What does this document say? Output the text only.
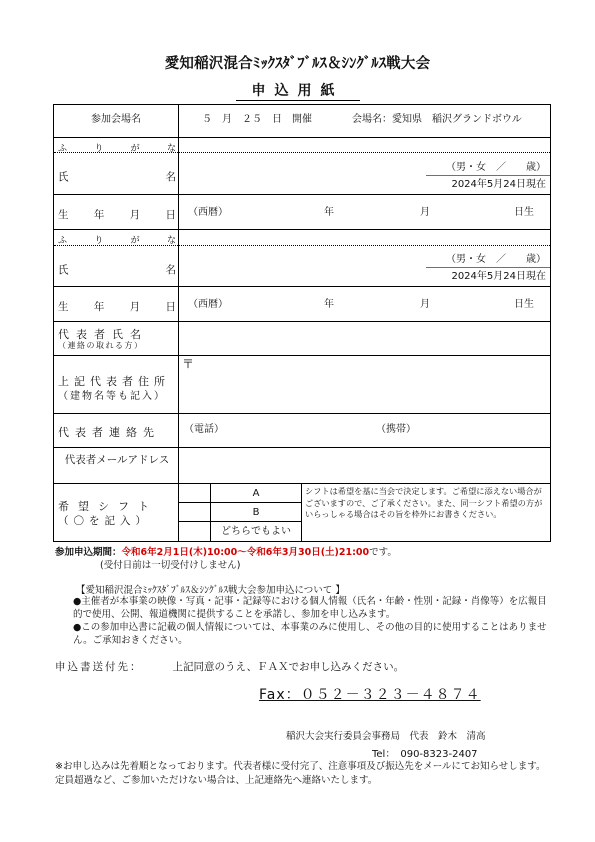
愛知稲沢混合ﾐｯｸｽﾀﾞﾌﾞﾙｽ＆ｼﾝｸﾞﾙｽ戦大会
申込用紙
参加会場名	５　月　２５　日 開催	会場名：愛知県　稲沢グランドボウル
ふ	り	が	な
氏	名
（男・女　／　　歳）
2024年5月24日現在
生 年 月 日 （西暦）	年	月	日生
ふ	り	が	な
氏	名
（男・女　／　　歳）
2024年5月24日現在
生 年 月 日 （西暦）	年	月	日生
代表者氏名
（連絡の取れる方）
上記代表者住所
（建物名等も記入）
〒
代表者連絡先	（電話）	（携帯）
代表者メールアドレス
希望シフト
（〇を記入）
A
B
どちらでもよい
シフトは希望を基に当会で決定します。ご希望に添えない場合がございますので、ご了承ください。また、同一シフト希望の方がいらっしゃる場合はその旨を枠外にお書きください。
参加申込期間：令和6年2月1日(木)10:00～令和6年3月30日(土)21:00です。
(受付日前は一切受付けしません)
【愛知稲沢混合ﾐｯｸｽﾀﾞﾌﾞﾙｽ＆ｼﾝｸﾞﾙｽ戦大会参加申込について 】
●主催者が本事業の映像・写真・記事・記録等における個人情報（氏名・年齢・性別・記録・肖像等）を広報目的で使用、公開、報道機関に提供することを承諾し、参加を申し込みます。
●この参加申込書に記載の個人情報については、本事業のみに使用し、その他の目的に使用することはありません。ご承知おきください。
申込書送付先：	上記同意のうえ、ＦＡＸでお申し込みください。
Fax：０５２－３２３－４８７４
稲沢大会実行委員会事務局　代表　鈴木　清高
Tel：　090-8323-2407
※お申し込みは先着順となっております。代表者様に受付完了、注意事項及び振込先をメールにてお知らせします。定員超過など、ご参加いただけない場合は、上記連絡先へ連絡いたします。
